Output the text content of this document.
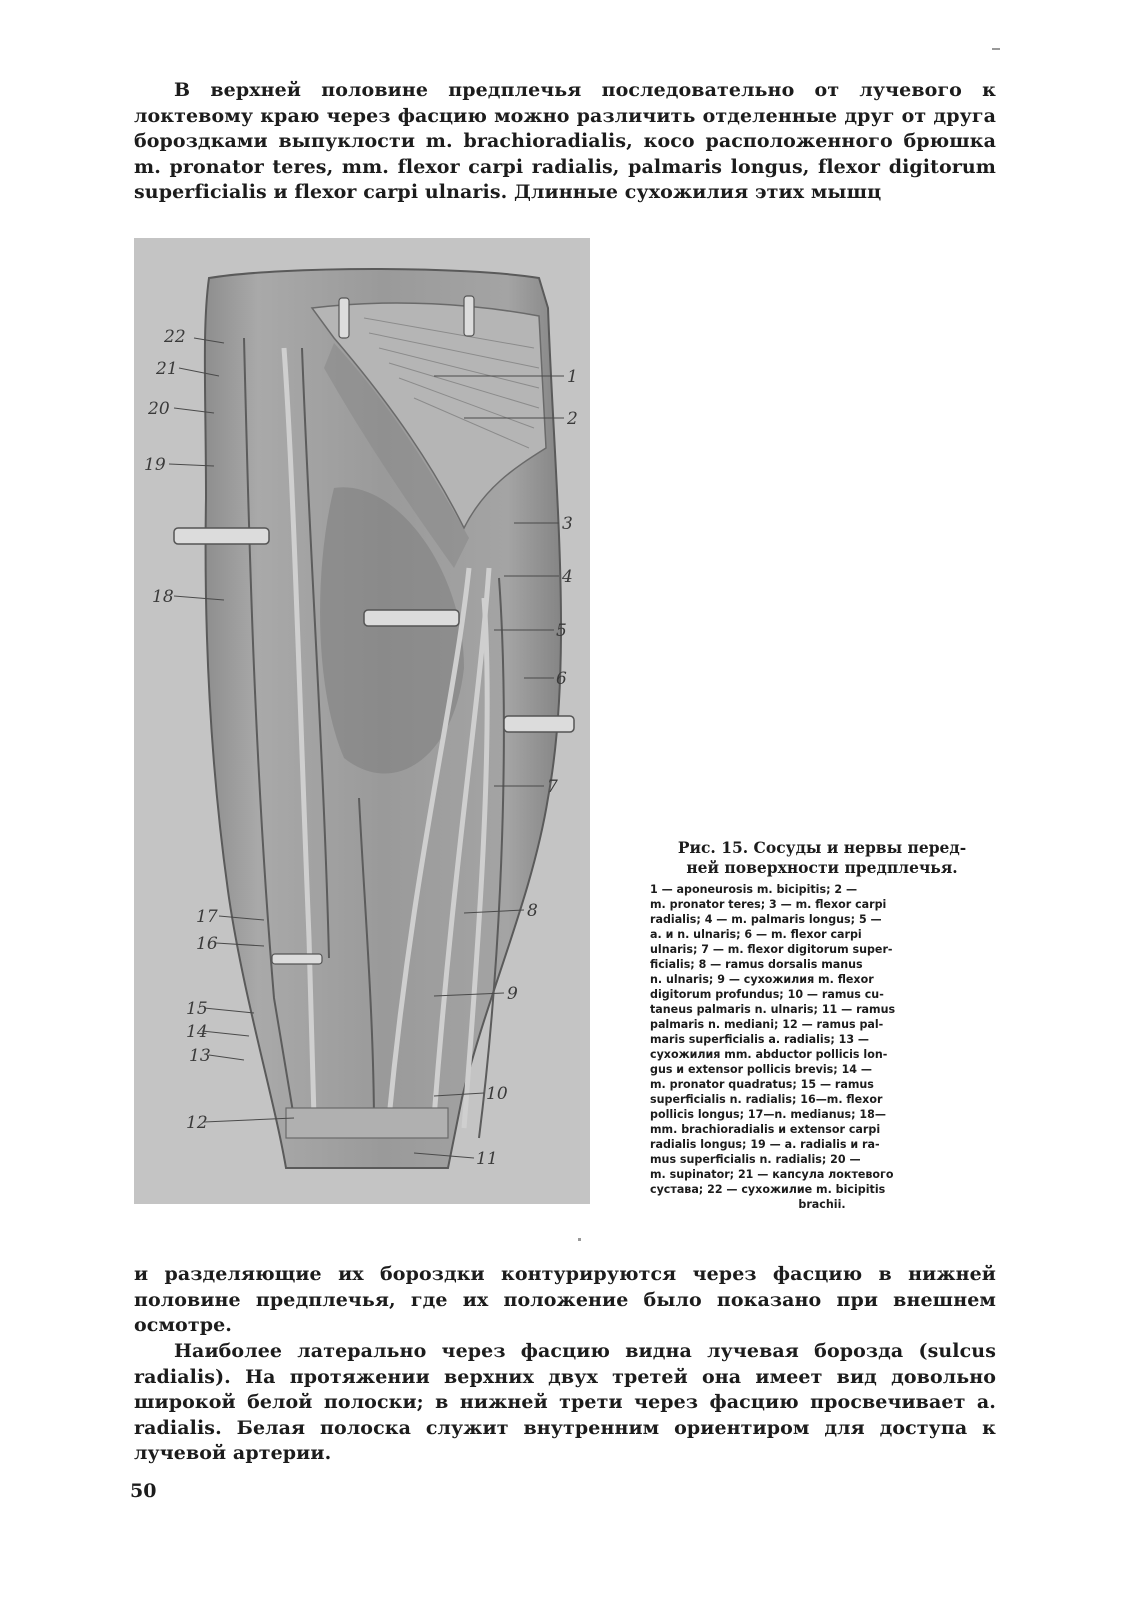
В верхней половине предплечья последовательно от лучевого к локтевому краю через фасцию можно различить отделенные друг от друга бороздками выпуклости m. brachioradialis, косо расположенного брюшка m. pronator teres, mm. flexor carpi radialis, palmaris longus, flexor digitorum superficialis и flexor carpi ulnaris. Длинные сухожилия этих мышц

1
2
3
4
5
6
7
8
9
10
11
22
21
20
19
18
17
16
15
14
13
12

Рис. 15. Сосуды и нервы перед-
ней поверхности предплечья.

1 — aponeurosis m. bicipitis; 2 —
m. pronator teres; 3 — m. flexor carpi
radialis; 4 — m. palmaris longus; 5 —
a. и n. ulnaris; 6 — m. flexor carpi
ulnaris; 7 — m. flexor digitorum super-
ficialis; 8 — ramus dorsalis manus
n. ulnaris; 9 — сухожилия m. flexor
digitorum profundus; 10 — ramus cu-
taneus palmaris n. ulnaris; 11 — ramus
palmaris n. mediani; 12 — ramus pal-
maris superficialis a. radialis; 13 —
сухожилия mm. abductor pollicis lon-
gus и extensor pollicis brevis; 14 —
m. pronator quadratus; 15 — ramus
superficialis n. radialis; 16—m. flexor
pollicis longus; 17—n. medianus; 18—
mm. brachioradialis и extensor carpi
radialis longus; 19 — a. radialis и ra-
mus superficialis n. radialis; 20 —
m. supinator; 21 — капсула локтевого
сустава; 22 — сухожилие m. bicipitis
brachii.

и разделяющие их бороздки контурируются через фасцию в нижней половине предплечья, где их положение было показано при внешнем осмотре.

Наиболее латерально через фасцию видна лучевая борозда (sulcus radialis). На протяжении верхних двух третей она имеет вид довольно широкой белой полоски; в нижней трети через фасцию просвечивает a. radialis. Белая полоска служит внутренним ориентиром для доступа к лучевой артерии.

50
